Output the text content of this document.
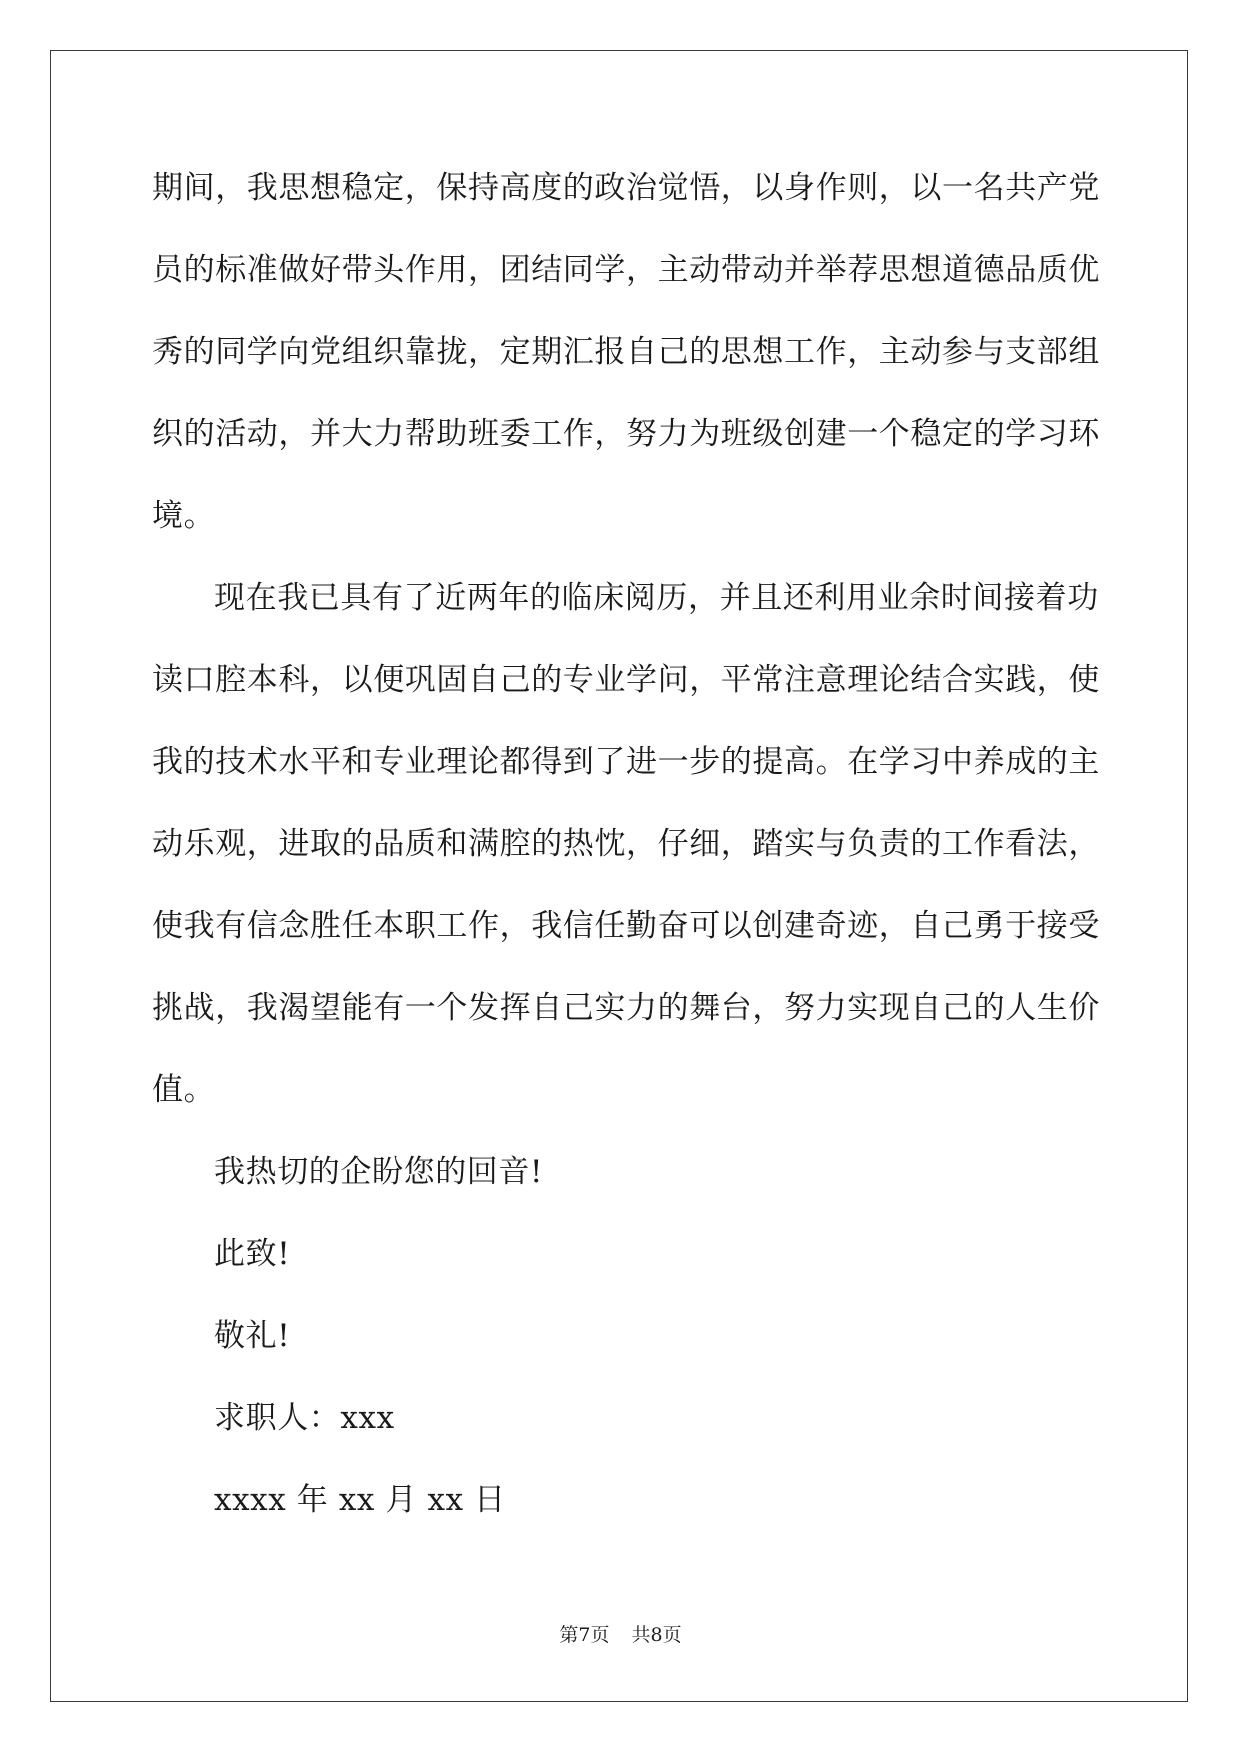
期间，我思想稳定，保持高度的政治觉悟，以身作则，以一名共产党
员的标准做好带头作用，团结同学，主动带动并举荐思想道德品质优
秀的同学向党组织靠拢，定期汇报自己的思想工作，主动参与支部组
织的活动，并大力帮助班委工作，努力为班级创建一个稳定的学习环
境。
现在我已具有了近两年的临床阅历，并且还利用业余时间接着功
读口腔本科，以便巩固自己的专业学问，平常注意理论结合实践，使
我的技术水平和专业理论都得到了进一步的提高。在学习中养成的主
动乐观，进取的品质和满腔的热忱，仔细，踏实与负责的工作看法，
使我有信念胜任本职工作，我信任勤奋可以创建奇迹，自己勇于接受
挑战，我渴望能有一个发挥自己实力的舞台，努力实现自己的人生价
值。
我热切的企盼您的回音!
此致!
敬礼!
求职人：xxx
xxxx 年 xx 月 xx 日
第7页 共8页
